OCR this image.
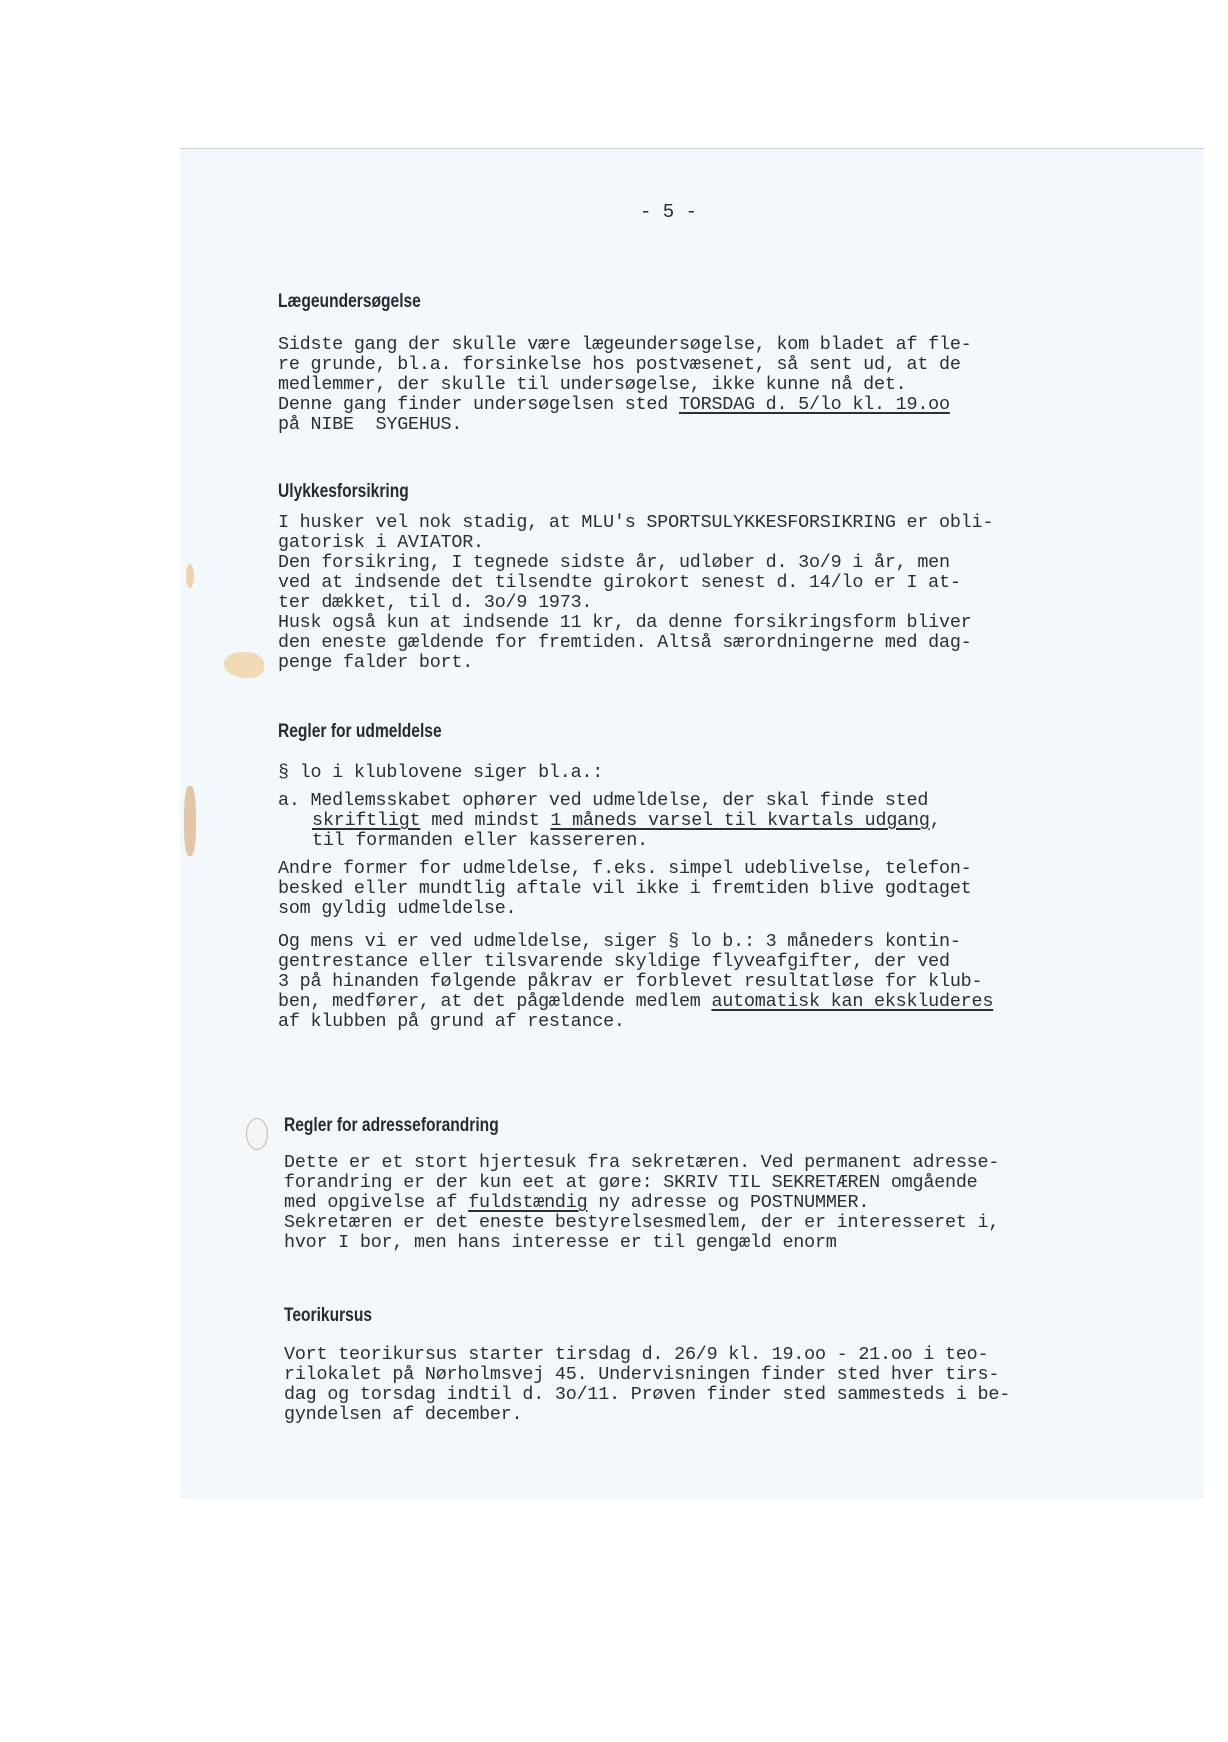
- 5 -
Lægeundersøgelse
Sidste gang der skulle være lægeundersøgelse, kom bladet af fle-
re grunde, bl.a. forsinkelse hos postvæsenet, så sent ud, at de
medlemmer, der skulle til undersøgelse, ikke kunne nå det.
Denne gang finder undersøgelsen sted TORSDAG d. 5/lo kl. 19.oo
på NIBE  SYGEHUS.
Ulykkesforsikring
I husker vel nok stadig, at MLU's SPORTSULYKKESFORSIKRING er obli-
gatorisk i AVIATOR.
Den forsikring, I tegnede sidste år, udløber d. 3o/9 i år, men
ved at indsende det tilsendte girokort senest d. 14/lo er I at-
ter dækket, til d. 3o/9 1973.
Husk også kun at indsende 11 kr, da denne forsikringsform bliver
den eneste gældende for fremtiden. Altså særordningerne med dag-
penge falder bort.
Regler for udmeldelse
§ lo i klublovene siger bl.a.:
a. Medlemsskabet ophører ved udmeldelse, der skal finde sted
skriftligt med mindst 1 måneds varsel til kvartals udgang,
til formanden eller kassereren.
Andre former for udmeldelse, f.eks. simpel udeblivelse, telefon-
besked eller mundtlig aftale vil ikke i fremtiden blive godtaget
som gyldig udmeldelse.
Og mens vi er ved udmeldelse, siger § lo b.: 3 måneders kontin-
gentrestance eller tilsvarende skyldige flyveafgifter, der ved
3 på hinanden følgende påkrav er forblevet resultatløse for klub-
ben, medfører, at det pågældende medlem automatisk kan ekskluderes
af klubben på grund af restance.
Regler for adresseforandring
Dette er et stort hjertesuk fra sekretæren. Ved permanent adresse-
forandring er der kun eet at gøre: SKRIV TIL SEKRETÆREN omgående
med opgivelse af fuldstændig ny adresse og POSTNUMMER.
Sekretæren er det eneste bestyrelsesmedlem, der er interesseret i,
hvor I bor, men hans interesse er til gengæld enorm
Teorikursus
Vort teorikursus starter tirsdag d. 26/9 kl. 19.oo - 21.oo i teo-
rilokalet på Nørholmsvej 45. Undervisningen finder sted hver tirs-
dag og torsdag indtil d. 3o/11. Prøven finder sted sammesteds i be-
gyndelsen af december.
